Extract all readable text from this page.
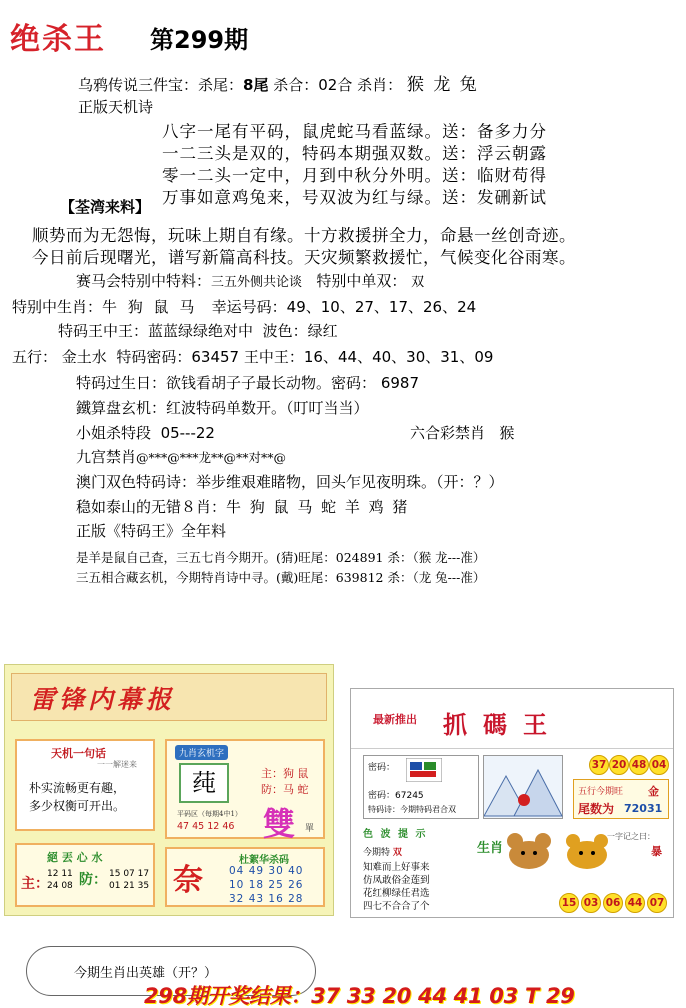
绝杀王 第299期
乌鸦传说三件宝：杀尾：8尾 杀合：02合 杀肖： 猴 龙 兔
正版天机诗
八字一尾有平码，鼠虎蛇马看蓝绿。送：备多力分
一二三头是双的，特码本期强双数。送：浮云朝露
零一二头一定中，月到中秋分外明。送：临财苟得
万事如意鸡兔来，号双波为红与绿。送：发硎新试
【荃湾来料】
顺势而为无怨悔，玩味上期自有缘。十方救援拼全力，命悬一丝创奇迹。
今日前后现曙光，谱写新篇高科技。天灾频繁救援忙，气候变化谷雨寒。
赛马会特别中特料：三五外侧共论谈 特别中单双： 双
特别中生肖：牛 狗 鼠 马 幸运号码：49、10、27、17、26、24
特码王中王：蓝蓝绿绿绝对中 波色：绿红
五行： 金土水 特码密码：63457 王中王：16、44、40、30、31、09
特码过生日：欲钱看胡子子最长动物。密码： 6987
鐵算盘玄机：红波特码单数开。（叮叮当当）
小姐杀特段 05---22	六合彩禁肖 猴
九宫禁肖@***@***龙**@**对**@
澳门双色特码诗：举步维艰难睹物，回头乍见夜明珠。（开：？）
稳如泰山的无错８肖：牛 狗 鼠 马 蛇 羊 鸡 猪
正版《特码王》全年料
是羊是鼠自己查，三五七肖今期开。(猜)旺尾：024891 杀：（猴 龙---准）
三五相合藏玄机，今期特肖诗中寻。(戴)旺尾：639812 杀：（龙 兔---准）
雷锋内幕报
天机一句话
一一解迷来
朴实流畅更有趣，
多少权衡可开出。
九肖玄机字
莼	主：狗 鼠
防：马 蛇
平码区（每期4中1）
47 45 12 46 雙 單
絕 丟 心 水
主：
12 11
24 08 防： 15 07 17
01 21 35 奈
杜絮华杀码
04 49 30 40
10 18 25 26
32 43 16 28
最新推出 抓碼王
密码：
密码：67245
特码诗：今期特码君合双
37 20 48 04
五行今期旺 金
尾数为 72031
色 波 提 示
今期特 双
知难而上好事来
仿凤敢俗金莲到
花红柳绿任君选
四七不合合了个
生肖
一字记之曰：
暴
15 03 06 44 07
今期生肖出英雄（开？）
298期开奖结果：37 33 20 44 41 03 T 29
